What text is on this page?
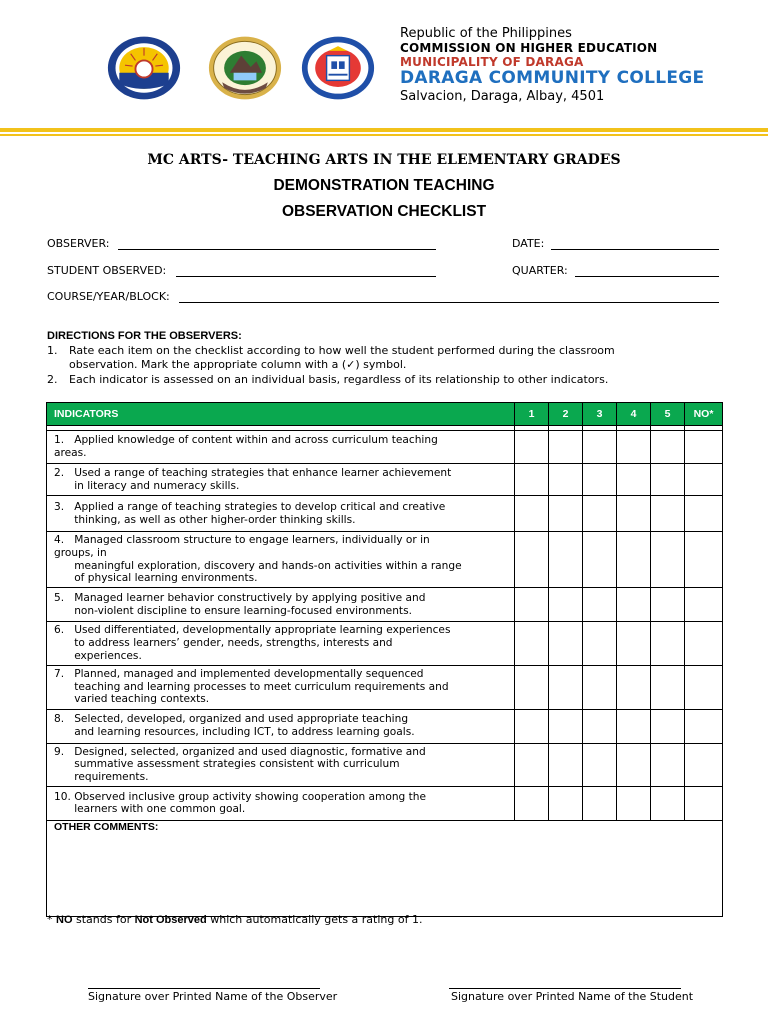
Republic of the Philippines
COMMISSION ON HIGHER EDUCATION
MUNICIPALITY OF DARAGA
DARAGA COMMUNITY COLLEGE
Salvacion, Daraga, Albay, 4501
MC ARTS- TEACHING ARTS IN THE ELEMENTARY GRADES
DEMONSTRATION TEACHING
OBSERVATION CHECKLIST
OBSERVER:	DATE:
STUDENT OBSERVED:	QUARTER:
COURSE/YEAR/BLOCK:
DIRECTIONS FOR THE OBSERVERS:
1. Rate each item on the checklist according to how well the student performed during the classroom
observation. Mark the appropriate column with a (✓) symbol.
2. Each indicator is assessed on an individual basis, regardless of its relationship to other indicators.
INDICATORS	1	2	3	4	5	NO*

1.   Applied knowledge of content within and across curriculum teaching
areas.						

2.   Used a range of teaching strategies that enhance learner achievement
in literacy and numeracy skills.						

3.   Applied a range of teaching strategies to develop critical and creative
thinking, as well as other higher-order thinking skills.						

4.   Managed classroom structure to engage learners, individually or in
groups, in
meaningful exploration, discovery and hands-on activities within a range
of physical learning environments.						

5.   Managed learner behavior constructively by applying positive and
non-violent discipline to ensure learning-focused environments.						

6.   Used differentiated, developmentally appropriate learning experiences
to address learners’ gender, needs, strengths, interests and
experiences.						

7.   Planned, managed and implemented developmentally sequenced
teaching and learning processes to meet curriculum requirements and
varied teaching contexts.						

8.   Selected, developed, organized and used appropriate teaching
and learning resources, including ICT, to address learning goals.						

9.   Designed, selected, organized and used diagnostic, formative and
summative assessment strategies consistent with curriculum
requirements.						

10. Observed inclusive group activity showing cooperation among the
learners with one common goal.						

OTHER COMMENTS:						
* NO stands for Not Observed which automatically gets a rating of 1.
Signature over Printed Name of the Observer	Signature over Printed Name of the Student
